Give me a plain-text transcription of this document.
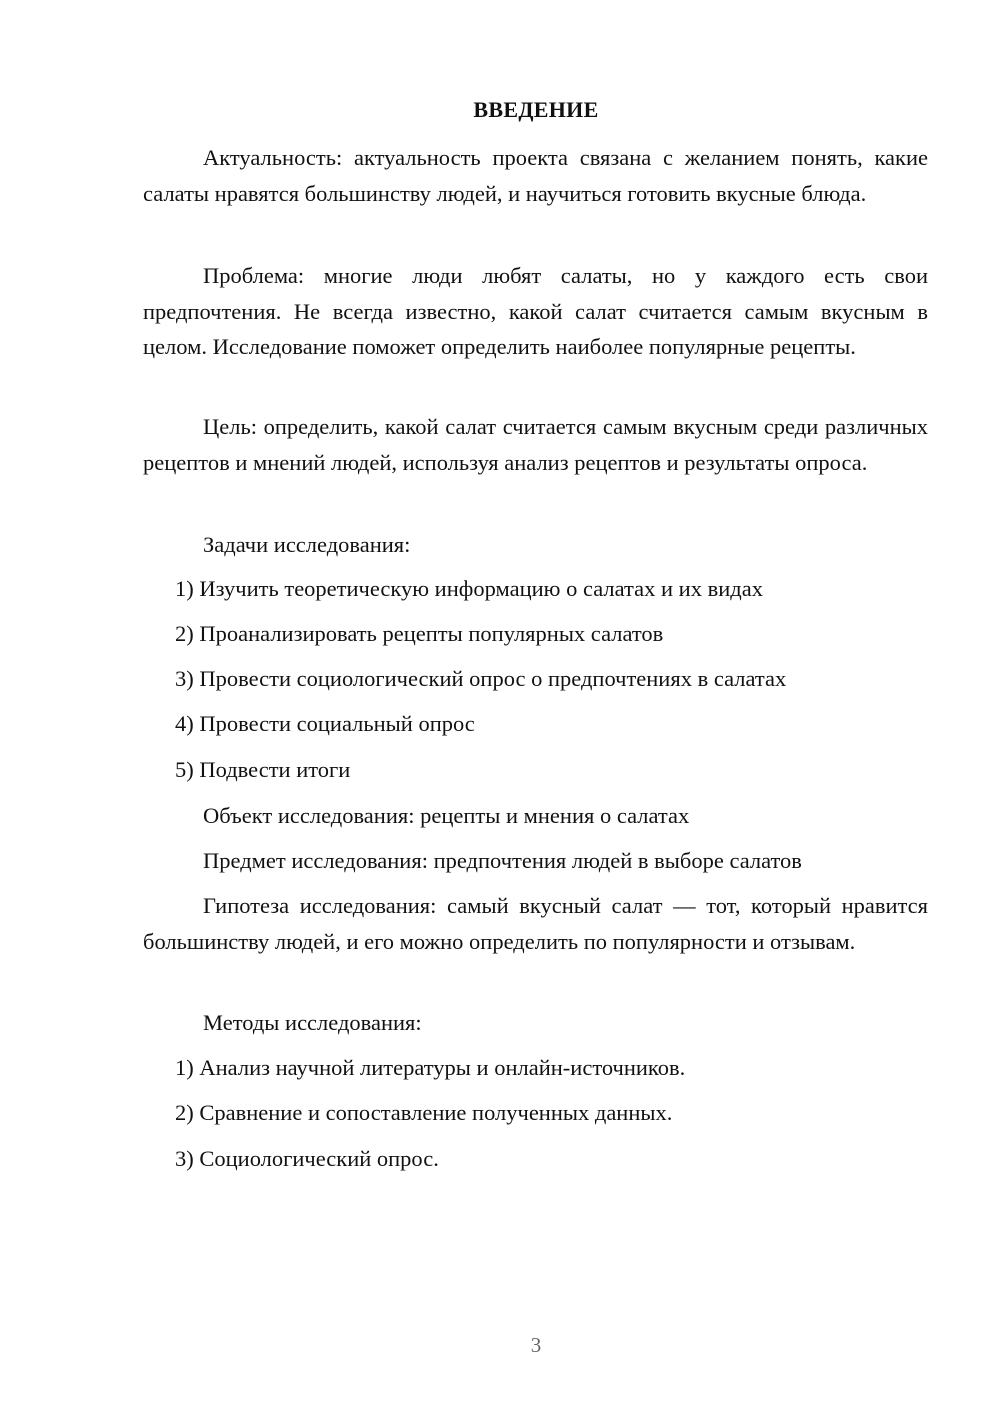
ВВЕДЕНИЕ

Актуальность: актуальность проекта связана с желанием понять, какие салаты нравятся большинству людей, и научиться готовить вкусные блюда.

Проблема: многие люди любят салаты, но у каждого есть свои предпочтения. Не всегда известно, какой салат считается самым вкусным в целом. Исследование поможет определить наиболее популярные рецепты.

Цель: определить, какой салат считается самым вкусным среди различных рецептов и мнений людей, используя анализ рецептов и результаты опроса.

Задачи исследования:
1) Изучить теоретическую информацию о салатах и их видах
2) Проанализировать рецепты популярных салатов
3) Провести социологический опрос о предпочтениях в салатах
4) Провести социальный опрос
5) Подвести итоги
Объект исследования: рецепты и мнения о салатах
Предмет исследования: предпочтения людей в выборе салатов

Гипотеза исследования: самый вкусный салат — тот, который нравится большинству людей, и его можно определить по популярности и отзывам.

Методы исследования:
1) Анализ научной литературы и онлайн-источников.
2) Сравнение и сопоставление полученных данных.
3) Социологический опрос.
3
